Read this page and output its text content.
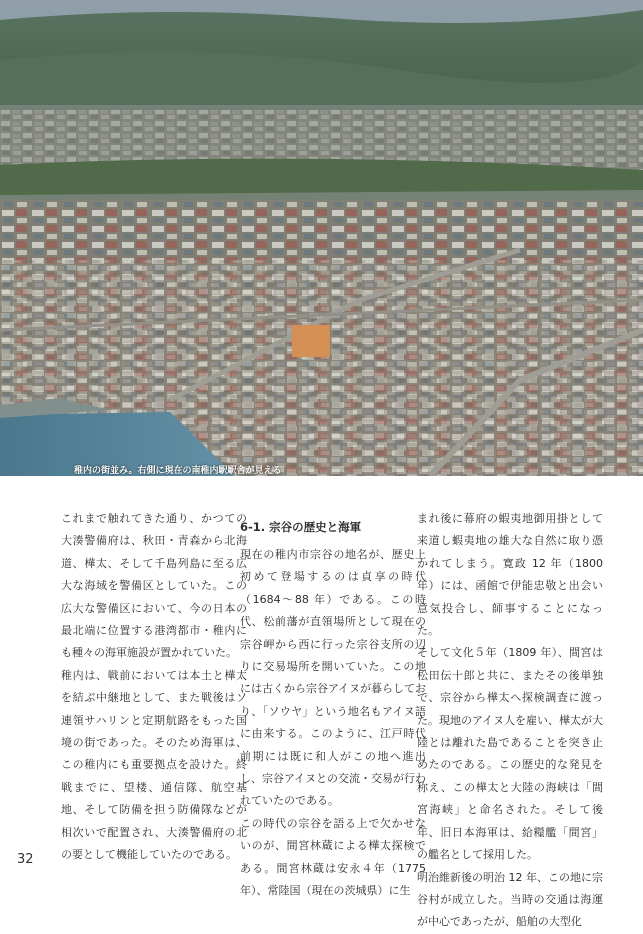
稚内の街並み。右側に現在の南稚内駅駅舎が見える

これまで触れてきた通り、かつての大湊警備府は、秋田・青森から北海道、樺太、そして千島列島に至る広大な海域を警備区としていた。この広大な警備区において、今の日本の最北端に位置する港湾都市・稚内にも種々の海軍施設が置かれていた。

稚内は、戦前においては本土と樺太を結ぶ中継地として、また戦後はソ連領サハリンと定期航路をもった国境の街であった。そのため海軍は、この稚内にも重要拠点を設けた。終戦までに、望楼、通信隊、航空基地、そして防備を担う防備隊などが相次いで配置され、大湊警備府の北の要として機能していたのである。

6-1. 宗谷の歴史と海軍

現在の稚内市宗谷の地名が、歴史上初めて登場するのは貞享の時代（1684～88 年）である。この時代、松前藩が直領場所として現在の宗谷岬から西に行った宗谷支所の辺りに交易場所を開いていた。この地には古くから宗谷アイヌが暮らしており、「ソウヤ」という地名もアイヌ語に由来する。このように、江戸時代前期には既に和人がこの地へ進出し、宗谷アイヌとの交流・交易が行われていたのである。

この時代の宗谷を語る上で欠かせないのが、間宮林蔵による樺太探検である。間宮林蔵は安永４年（1775年）、常陸国（現在の茨城県）に生

まれ後に幕府の蝦夷地御用掛として来道し蝦夷地の雄大な自然に取り憑かれてしまう。寛政 12 年（1800 年）には、函館で伊能忠敬と出会い意気投合し、師事することになった。

そして文化５年（1809 年）、間宮は松田伝十郎と共に、またその後単独で、宗谷から樺太へ探検調査に渡った。現地のアイヌ人を雇い、樺太が大陸とは離れた島であることを突き止めたのである。この歴史的な発見を称え、この樺太と大陸の海峡は「間宮海峡」と命名された。そして後年、旧日本海軍は、給糧艦「間宮」の艦名として採用した。

明治維新後の明治 12 年、この地に宗谷村が成立した。当時の交通は海運が中心であったが、船舶の大型化

32
